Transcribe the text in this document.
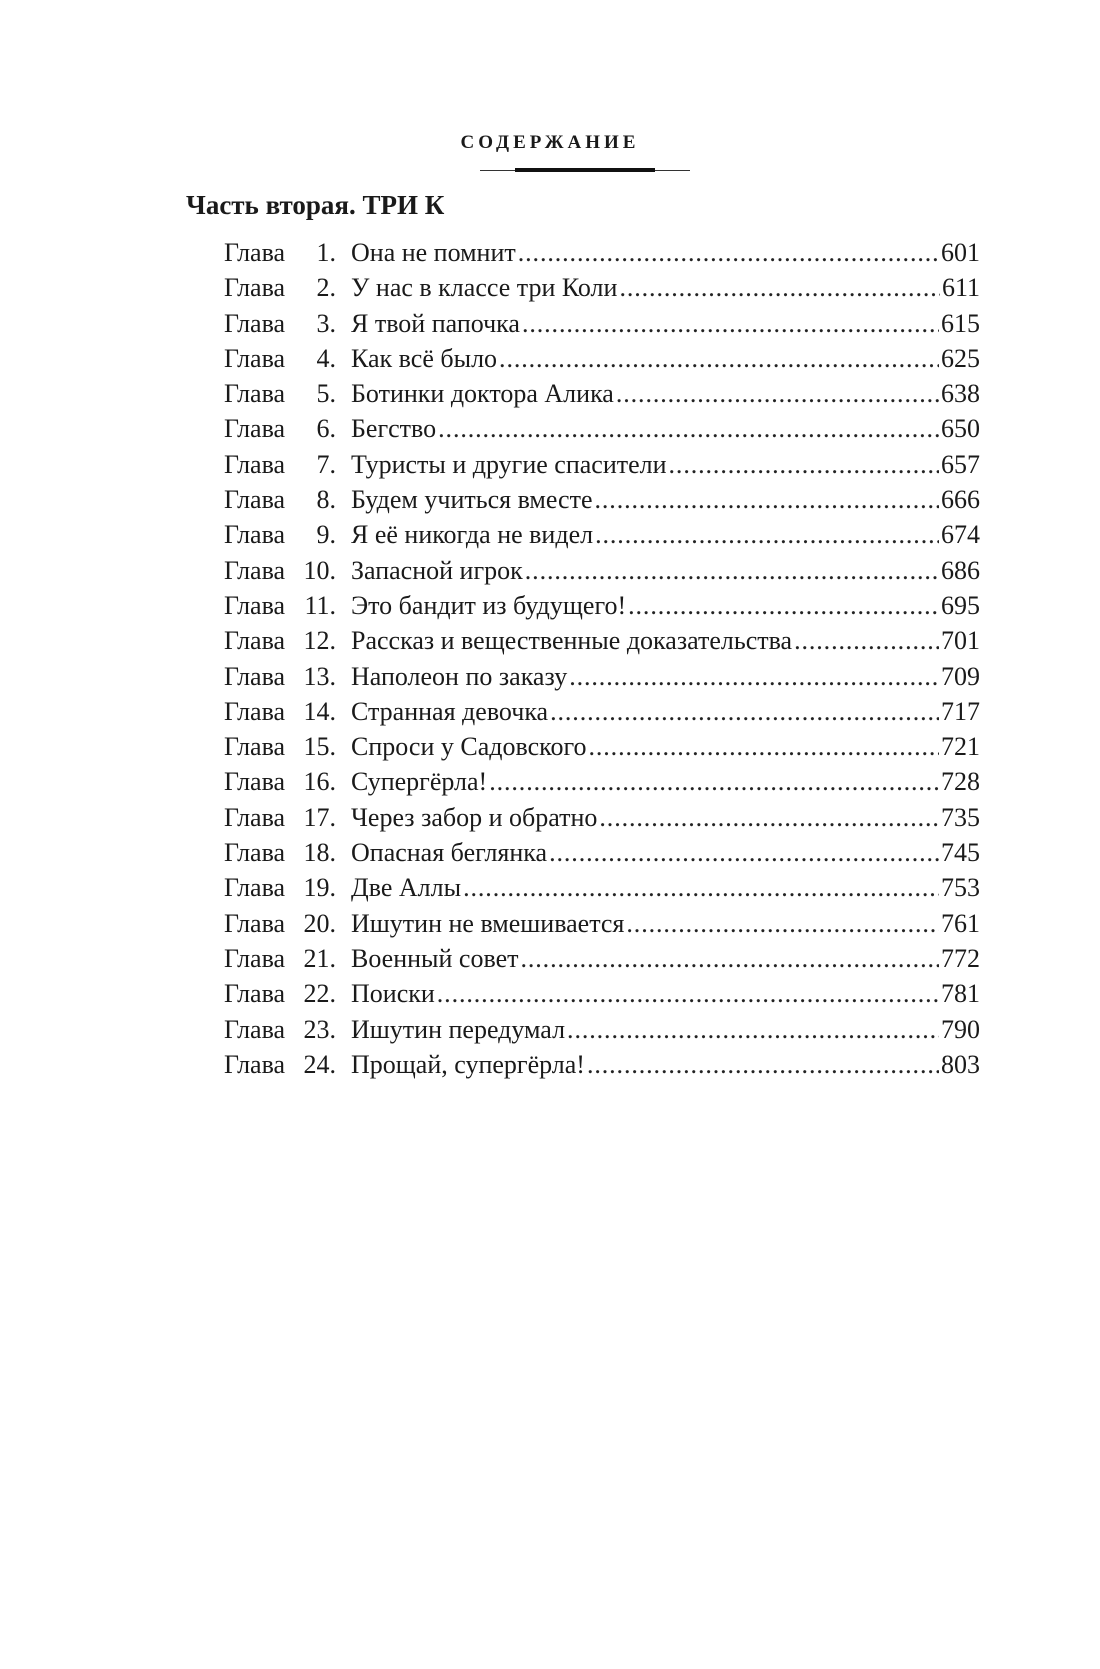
СОДЕРЖАНИЕ
Часть вторая. ТРИ К
Глава	1. Она не помнит . . .	601
Глава	2. У нас в классе три Коли . . .	611
Глава	3. Я твой папочка . . .	615
Глава	4. Как всё было . . .	625
Глава	5. Ботинки доктора Алика . . .	638
Глава	6. Бегство . . .	650
Глава	7. Туристы и другие спасители . . .	657
Глава	8. Будем учиться вместе . . .	666
Глава	9. Я её никогда не видел . . .	674
Глава 10. Запасной игрок . . .	686
Глава 11. Это бандит из будущего! . . .	695
Глава 12. Рассказ и вещественные доказательства . . .	701
Глава 13. Наполеон по заказу . . .	709
Глава 14. Странная девочка . . .	717
Глава 15. Спроси у Садовского . . .	721
Глава 16. Супергёрла! . . .	728
Глава 17. Через забор и обратно . . .	735
Глава 18. Опасная беглянка . . .	745
Глава 19. Две Аллы . . .	753
Глава 20. Ишутин не вмешивается . . .	761
Глава 21. Военный совет . . .	772
Глава 22. Поиски . . .	781
Глава 23. Ишутин передумал . . .	790
Глава 24. Прощай, супергёрла! . . .	803
